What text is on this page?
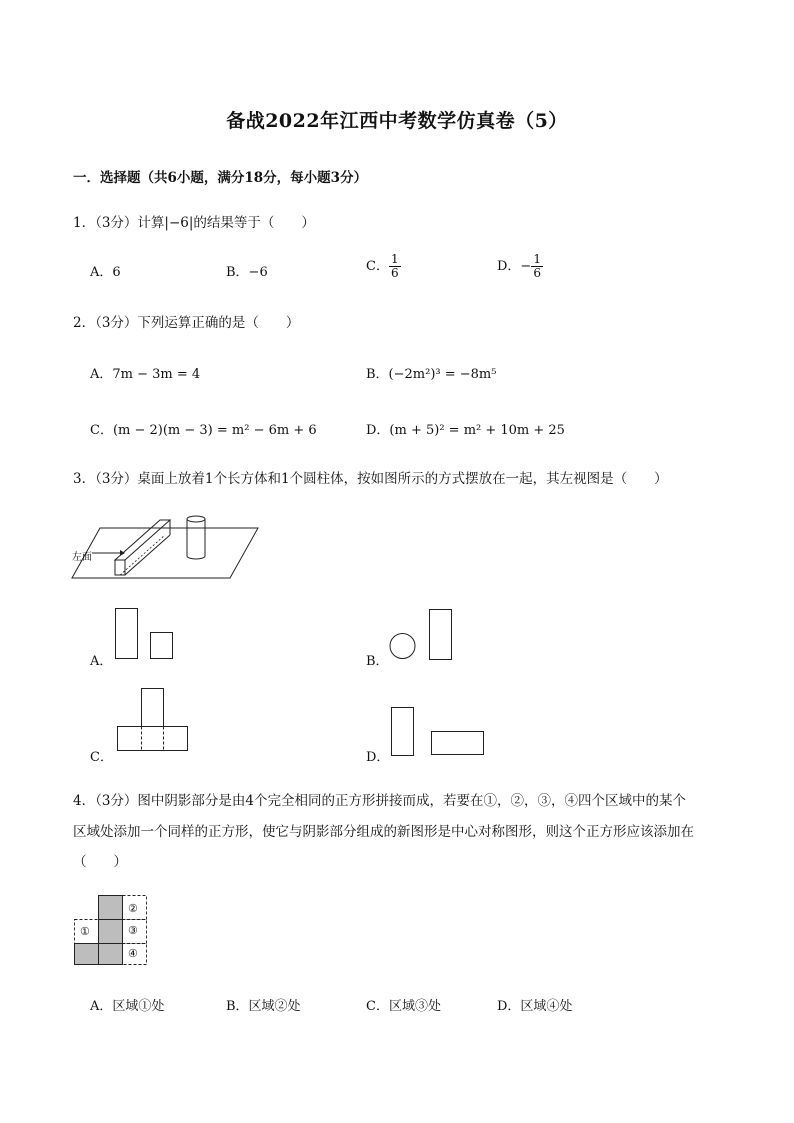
备战2022年江西中考数学仿真卷（5）
一．选择题（共6小题，满分18分，每小题3分）
1．（3分）计算|−6|的结果等于（　　）
A．6	B．−6	C． $\frac{1}{6}$	D．− $\frac{1}{6}$
2．（3分）下列运算正确的是（　　）
A．7m − 3m = 4	B．(−2m²)³ = −8m⁵
C．(m − 2)(m − 3) = m² − 6m + 6	D．(m + 5)² = m² + 10m + 25
3．（3分）桌面上放着1个长方体和1个圆柱体，按如图所示的方式摆放在一起，其左视图是（　　）
左面
A．	B．
C．	D．
4．（3分）图中阴影部分是由4个完全相同的正方形拼接而成，若要在①，②，③，④四个区域中的某个
区域处添加一个同样的正方形，使它与阴影部分组成的新图形是中心对称图形，则这个正方形应该添加在
（　　）
①
②
③
④
A．区域①处	B．区域②处	C．区域③处	D．区域④处
